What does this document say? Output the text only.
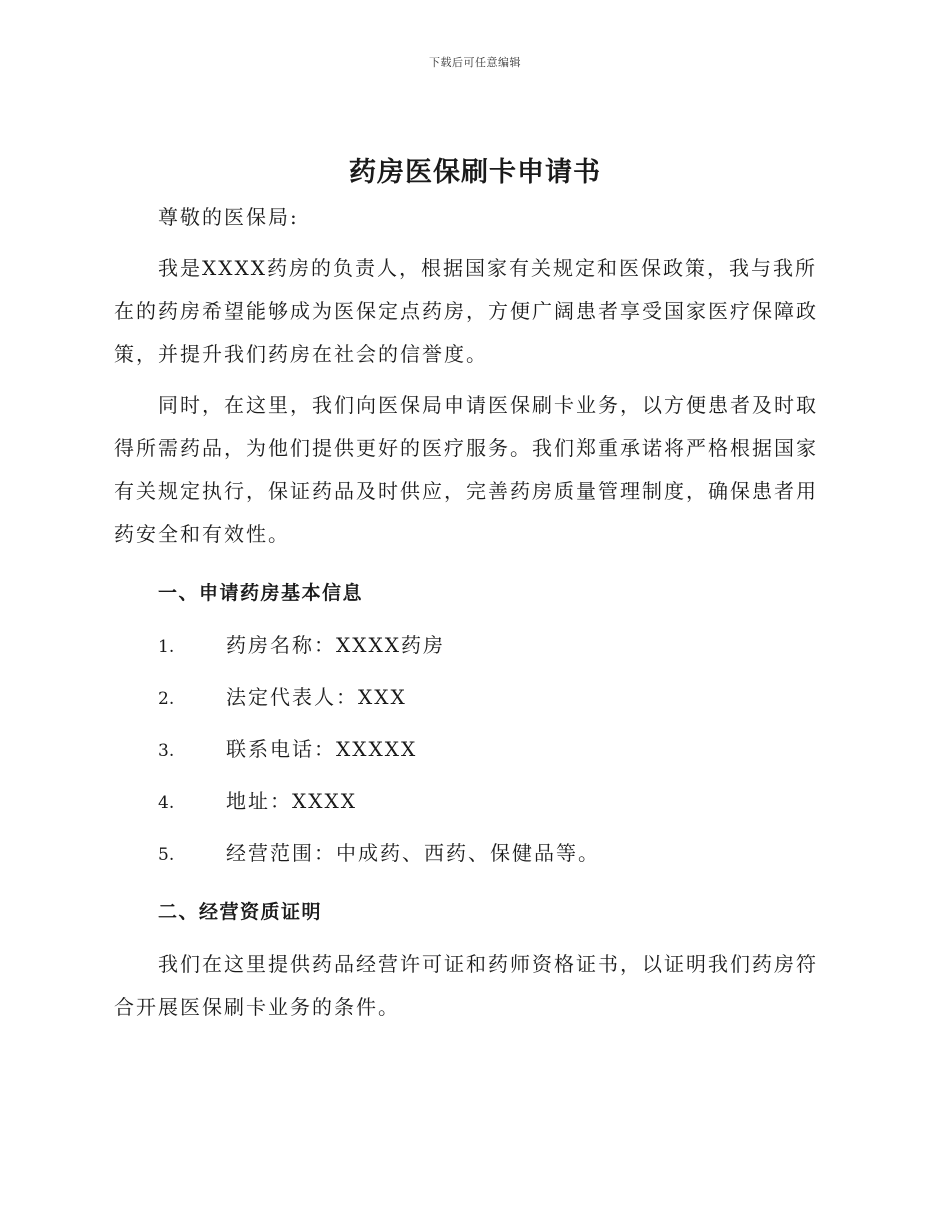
下载后可任意编辑
药房医保刷卡申请书

尊敬的医保局:

我是XXXX药房的负责人，根据国家有关规定和医保政策，我与我所在的药房希望能够成为医保定点药房，方便广阔患者享受国家医疗保障政策，并提升我们药房在社会的信誉度。

同时，在这里，我们向医保局申请医保刷卡业务，以方便患者及时取得所需药品，为他们提供更好的医疗服务。我们郑重承诺将严格根据国家有关规定执行，保证药品及时供应，完善药房质量管理制度，确保患者用药安全和有效性。

一、申请药房基本信息
1.	药房名称：XXXX药房
2.	法定代表人：XXX
3.	联系电话：XXXXX
4.	地址：XXXX
5.	经营范围：中成药、西药、保健品等。
二、经营资质证明

我们在这里提供药品经营许可证和药师资格证书，以证明我们药房符合开展医保刷卡业务的条件。
